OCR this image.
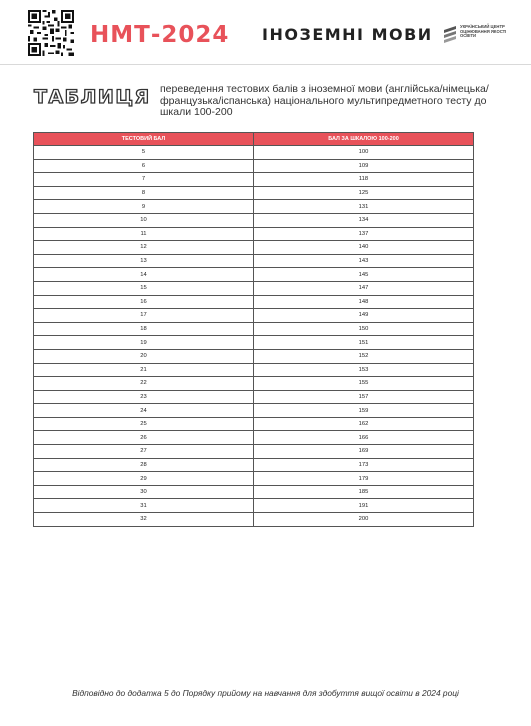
НМТ-2024 ІНОЗЕМНІ МОВИ	УКРАЇНСЬКИЙ ЦЕНТР ОЦІНЮВАННЯ ЯКОСТІ ОСВІТИ
ТАБЛИЦЯ переведення тестових балів з іноземної мови (англійська/німецька/французька/іспанська) національного мультипредметного тесту до шкали 100-200
ТЕСТОВИЙ БАЛ	БАЛ ЗА ШКАЛОЮ 100-200
5	100
6	109
7	118
8	125
9	131
10	134
11	137
12	140
13	143
14	145
15	147
16	148
17	149
18	150
19	151
20	152
21	153
22	155
23	157
24	159
25	162
26	166
27	169
28	173
29	179
30	185
31	191
32	200
Відповідно до додатка 5 до Порядку прийому на навчання для здобуття вищої освіти в 2024 році
